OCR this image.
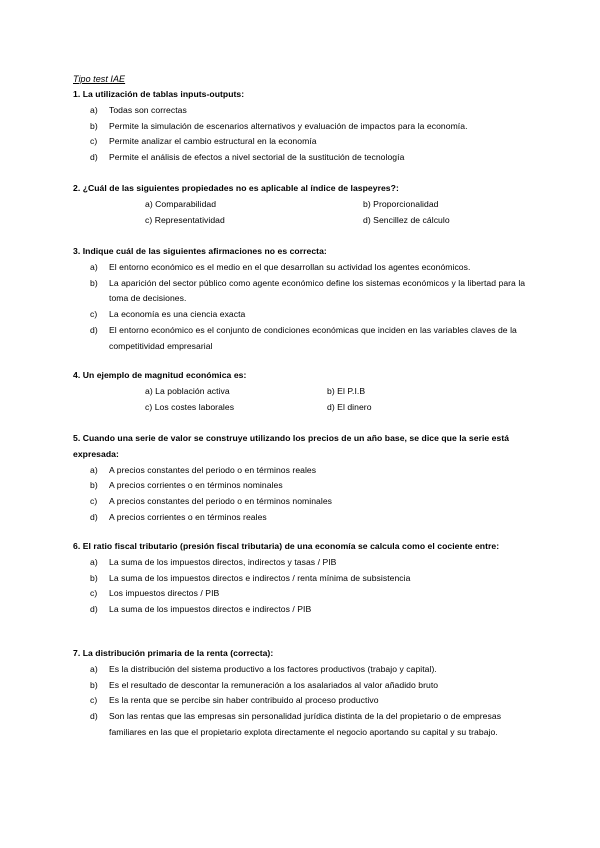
Tipo test IAE
1. La utilización de tablas inputs-outputs:
a) Todas son correctas
b) Permite la simulación de escenarios alternativos y evaluación de impactos para la economía.
c) Permite analizar el cambio estructural en la economía
d) Permite el análisis de efectos a nivel sectorial de la sustitución de tecnología
2. ¿Cuál de las siguientes propiedades no es aplicable al índice de laspeyres?:
a) Comparabilidad	b) Proporcionalidad
c) Representatividad	d) Sencillez de cálculo
3. Indique cuál de las siguientes afirmaciones no es correcta:
a) El entorno económico es el medio en el que desarrollan su actividad los agentes económicos.
b) La aparición del sector público como agente económico define los sistemas económicos y la libertad para la toma de decisiones.
c) La economía es una ciencia exacta
d) El entorno económico es el conjunto de condiciones económicas que inciden en las variables claves de la competitividad empresarial
4. Un ejemplo de magnitud económica es:
a) La población activa	b) El P.I.B
c) Los costes laborales	d) El dinero
5. Cuando una serie de valor se construye utilizando los precios de un año base, se dice que la serie está expresada:
a) A precios constantes del periodo o en términos reales
b) A precios corrientes o en términos nominales
c) A precios constantes del periodo o en términos nominales
d) A precios corrientes o en términos reales
6. El ratio fiscal tributario (presión fiscal tributaria) de una economía se calcula como el cociente entre:
a) La suma de los impuestos directos, indirectos y tasas / PIB
b) La suma de los impuestos directos e indirectos / renta mínima de subsistencia
c) Los impuestos directos / PIB
d) La suma de los impuestos directos e indirectos / PIB
7. La distribución primaria de la renta (correcta):
a) Es la distribución del sistema productivo a los factores productivos (trabajo y capital).
b) Es el resultado de descontar la remuneración a los asalariados al valor añadido bruto
c) Es la renta que se percibe sin haber contribuido al proceso productivo
d) Son las rentas que las empresas sin personalidad jurídica distinta de la del propietario o de empresas familiares en las que el propietario explota directamente el negocio aportando su capital y su trabajo.
